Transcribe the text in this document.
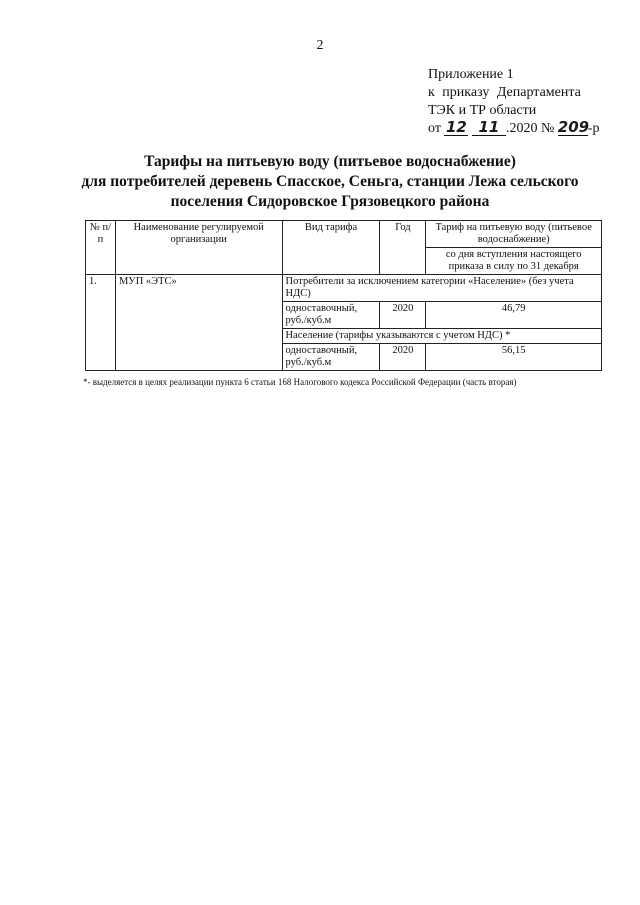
2
Приложение 1
к приказу Департамента
ТЭК и ТР области
от 12 11 .2020 № 209-р
Тарифы на питьевую воду (питьевое водоснабжение)
для потребителей деревень Спасское, Сеньга, станции Лежа сельского
поселения Сидоровское Грязовецкого района
№ п/п	Наименование регулируемой организации	Вид тарифа	Год	Тариф на питьевую воду (питьевое водоснабжение)
				со дня вступления настоящего приказа в силу по 31 декабря
1.	МУП «ЭТС»	Потребители за исключением категории «Население» (без учета НДС)		
		одноставочный, руб./куб.м	2020	46,79
		Население (тарифы указываются с учетом НДС) *		
		одноставочный, руб./куб.м	2020	56,15
*- выделяется в целях реализации пункта 6 статьи 168 Налогового кодекса Российской Федерации (часть вторая)
